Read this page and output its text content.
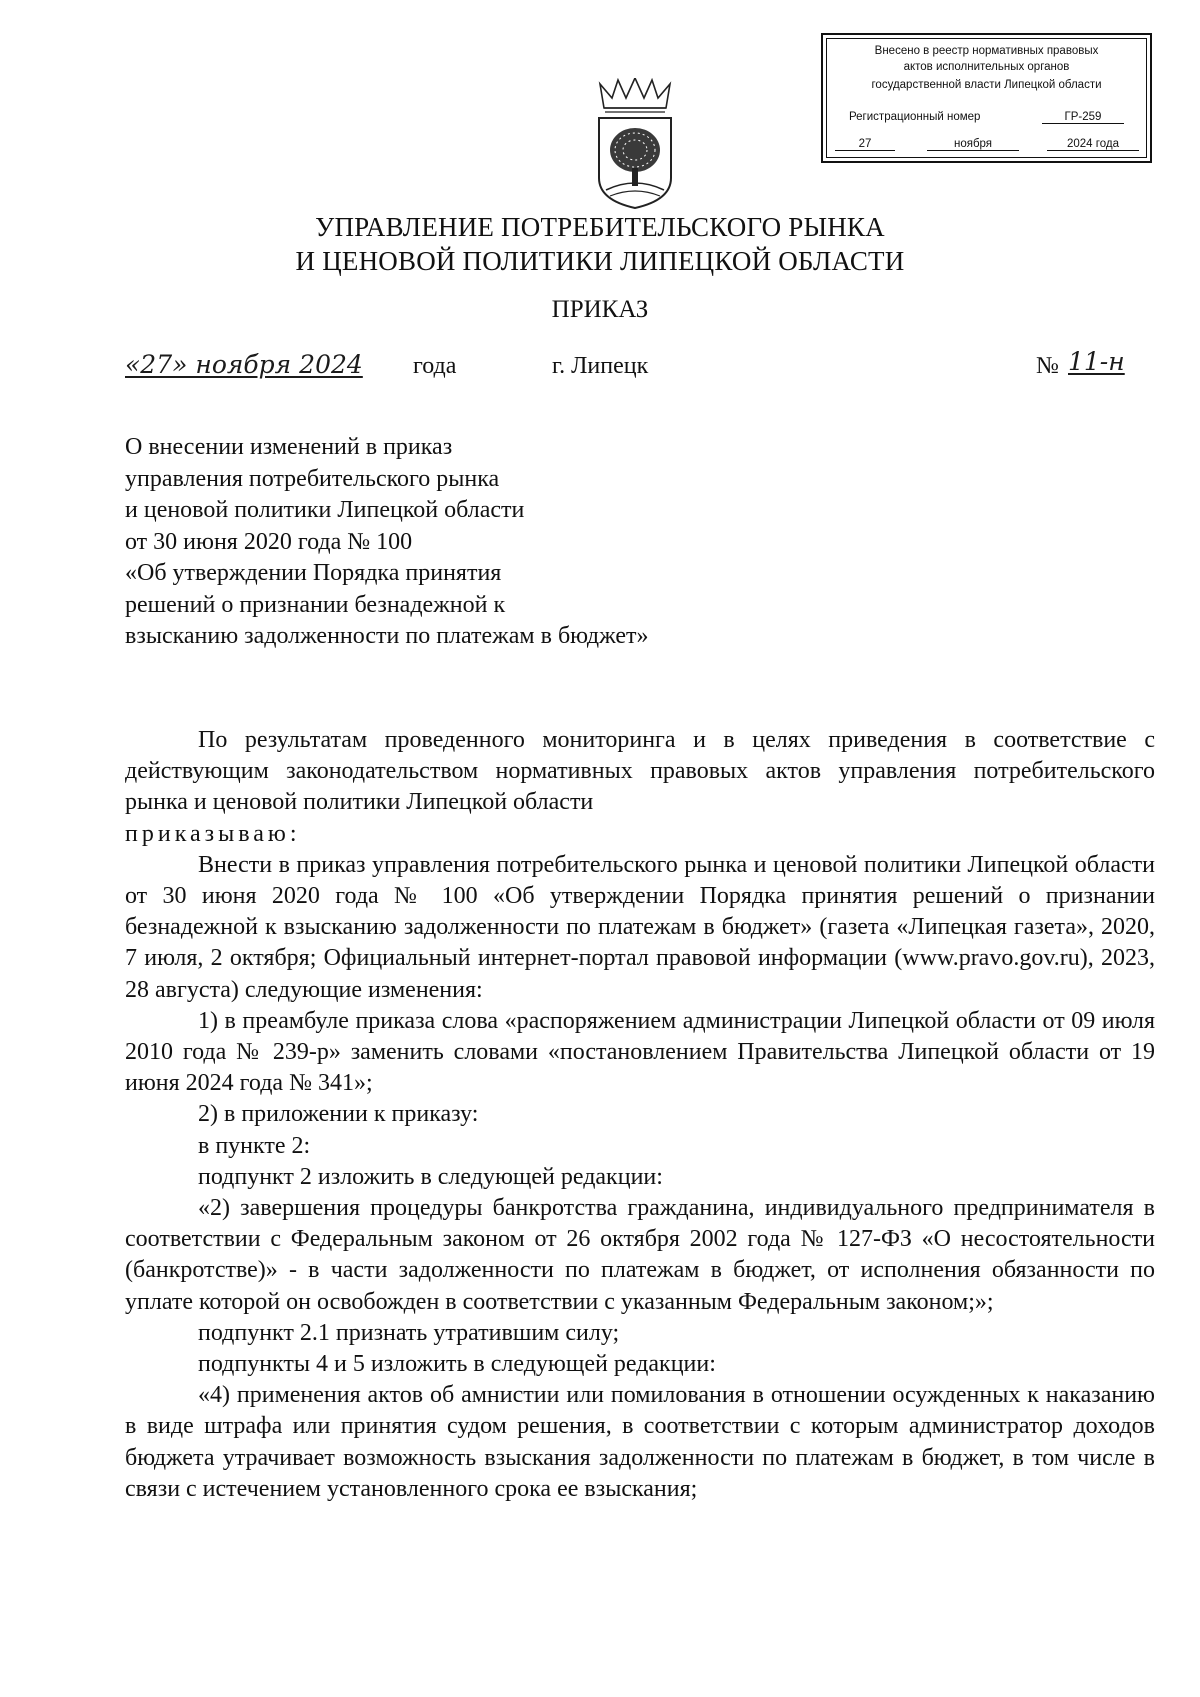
Внесено в реестр нормативных правовых
актов исполнительных органов
государственной власти Липецкой области
Регистрационный номер	ГР-259
27	ноября	2024 года
УПРАВЛЕНИЕ ПОТРЕБИТЕЛЬСКОГО РЫНКА
И ЦЕНОВОЙ ПОЛИТИКИ ЛИПЕЦКОЙ ОБЛАСТИ
ПРИКАЗ
«27» ноября 2024 года	г. Липецк	№ 11-н
О внесении изменений в приказ
управления потребительского рынка
и ценовой политики Липецкой области
от 30 июня 2020 года № 100
«Об утверждении Порядка принятия
решений о признании безнадежной к
взысканию задолженности по платежам в бюджет»

По результатам проведенного мониторинга и в целях приведения в соответствие с действующим законодательством нормативных правовых актов управления потребительского рынка и ценовой политики Липецкой области
приказываю:

Внести в приказ управления потребительского рынка и ценовой политики Липецкой области от 30 июня 2020 года № 100 «Об утверждении Порядка принятия решений о признании безнадежной к взысканию задолженности по платежам в бюджет» (газета «Липецкая газета», 2020, 7 июля, 2 октября; Официальный интернет-портал правовой информации (www.pravo.gov.ru), 2023, 28 августа) следующие изменения:

1) в преамбуле приказа слова «распоряжением администрации Липецкой области от 09 июля 2010 года № 239-р» заменить словами «постановлением Правительства Липецкой области от 19 июня 2024 года № 341»;

2) в приложении к приказу:

в пункте 2:

подпункт 2 изложить в следующей редакции:

«2) завершения процедуры банкротства гражданина, индивидуального предпринимателя в соответствии с Федеральным законом от 26 октября 2002 года № 127-ФЗ «О несостоятельности (банкротстве)» - в части задолженности по платежам в бюджет, от исполнения обязанности по уплате которой он освобожден в соответствии с указанным Федеральным законом;»;

подпункт 2.1 признать утратившим силу;

подпункты 4 и 5 изложить в следующей редакции:

«4) применения актов об амнистии или помилования в отношении осужденных к наказанию в виде штрафа или принятия судом решения, в соответствии с которым администратор доходов бюджета утрачивает возможность взыскания задолженности по платежам в бюджет, в том числе в связи с истечением установленного срока ее взыскания;
